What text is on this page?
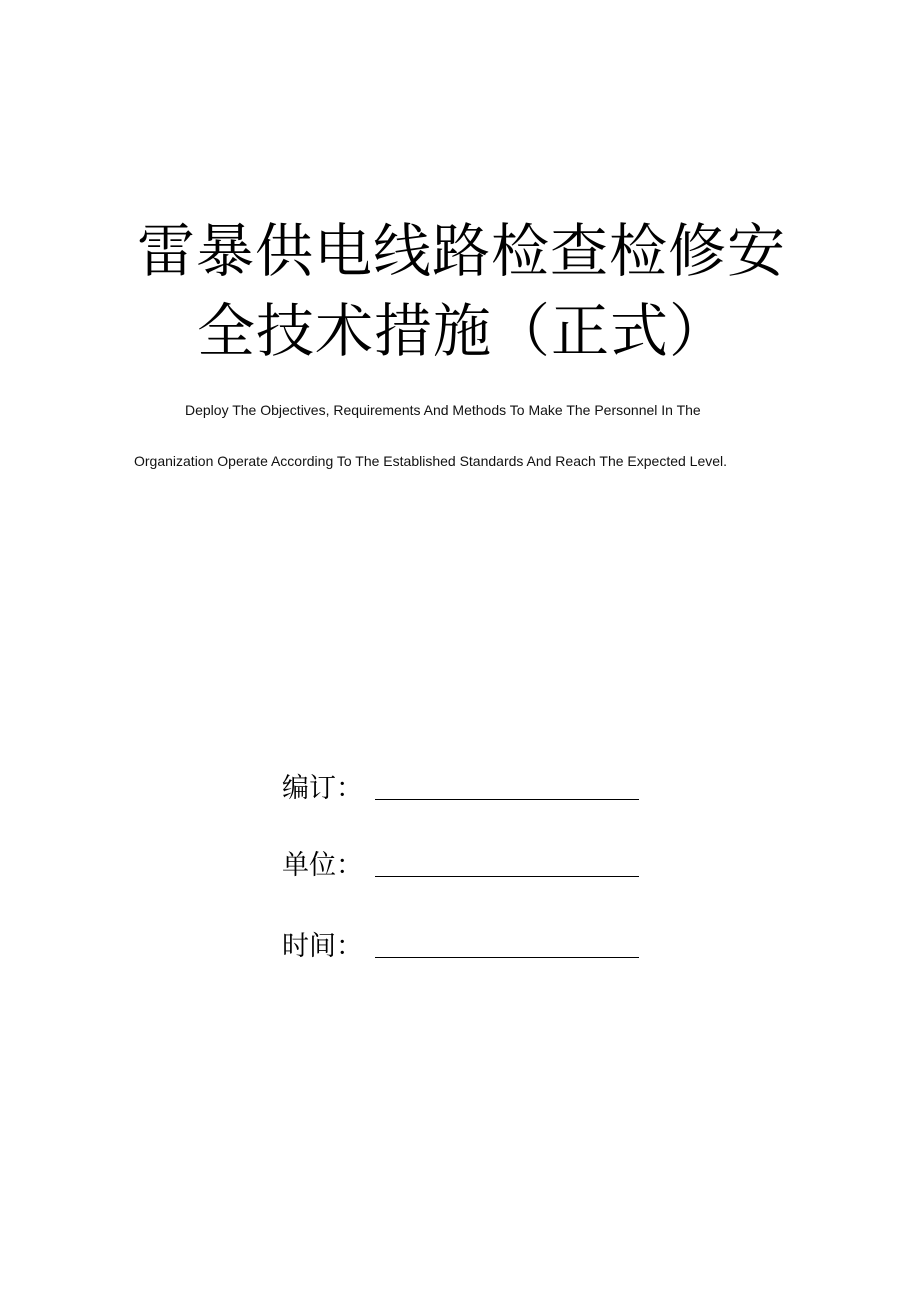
雷暴供电线路检查检修安
全技术措施（正式）
Deploy The Objectives, Requirements And Methods To Make The Personnel In The
Organization Operate According To The Established Standards And Reach The Expected Level.
编订：
单位：
时间：
